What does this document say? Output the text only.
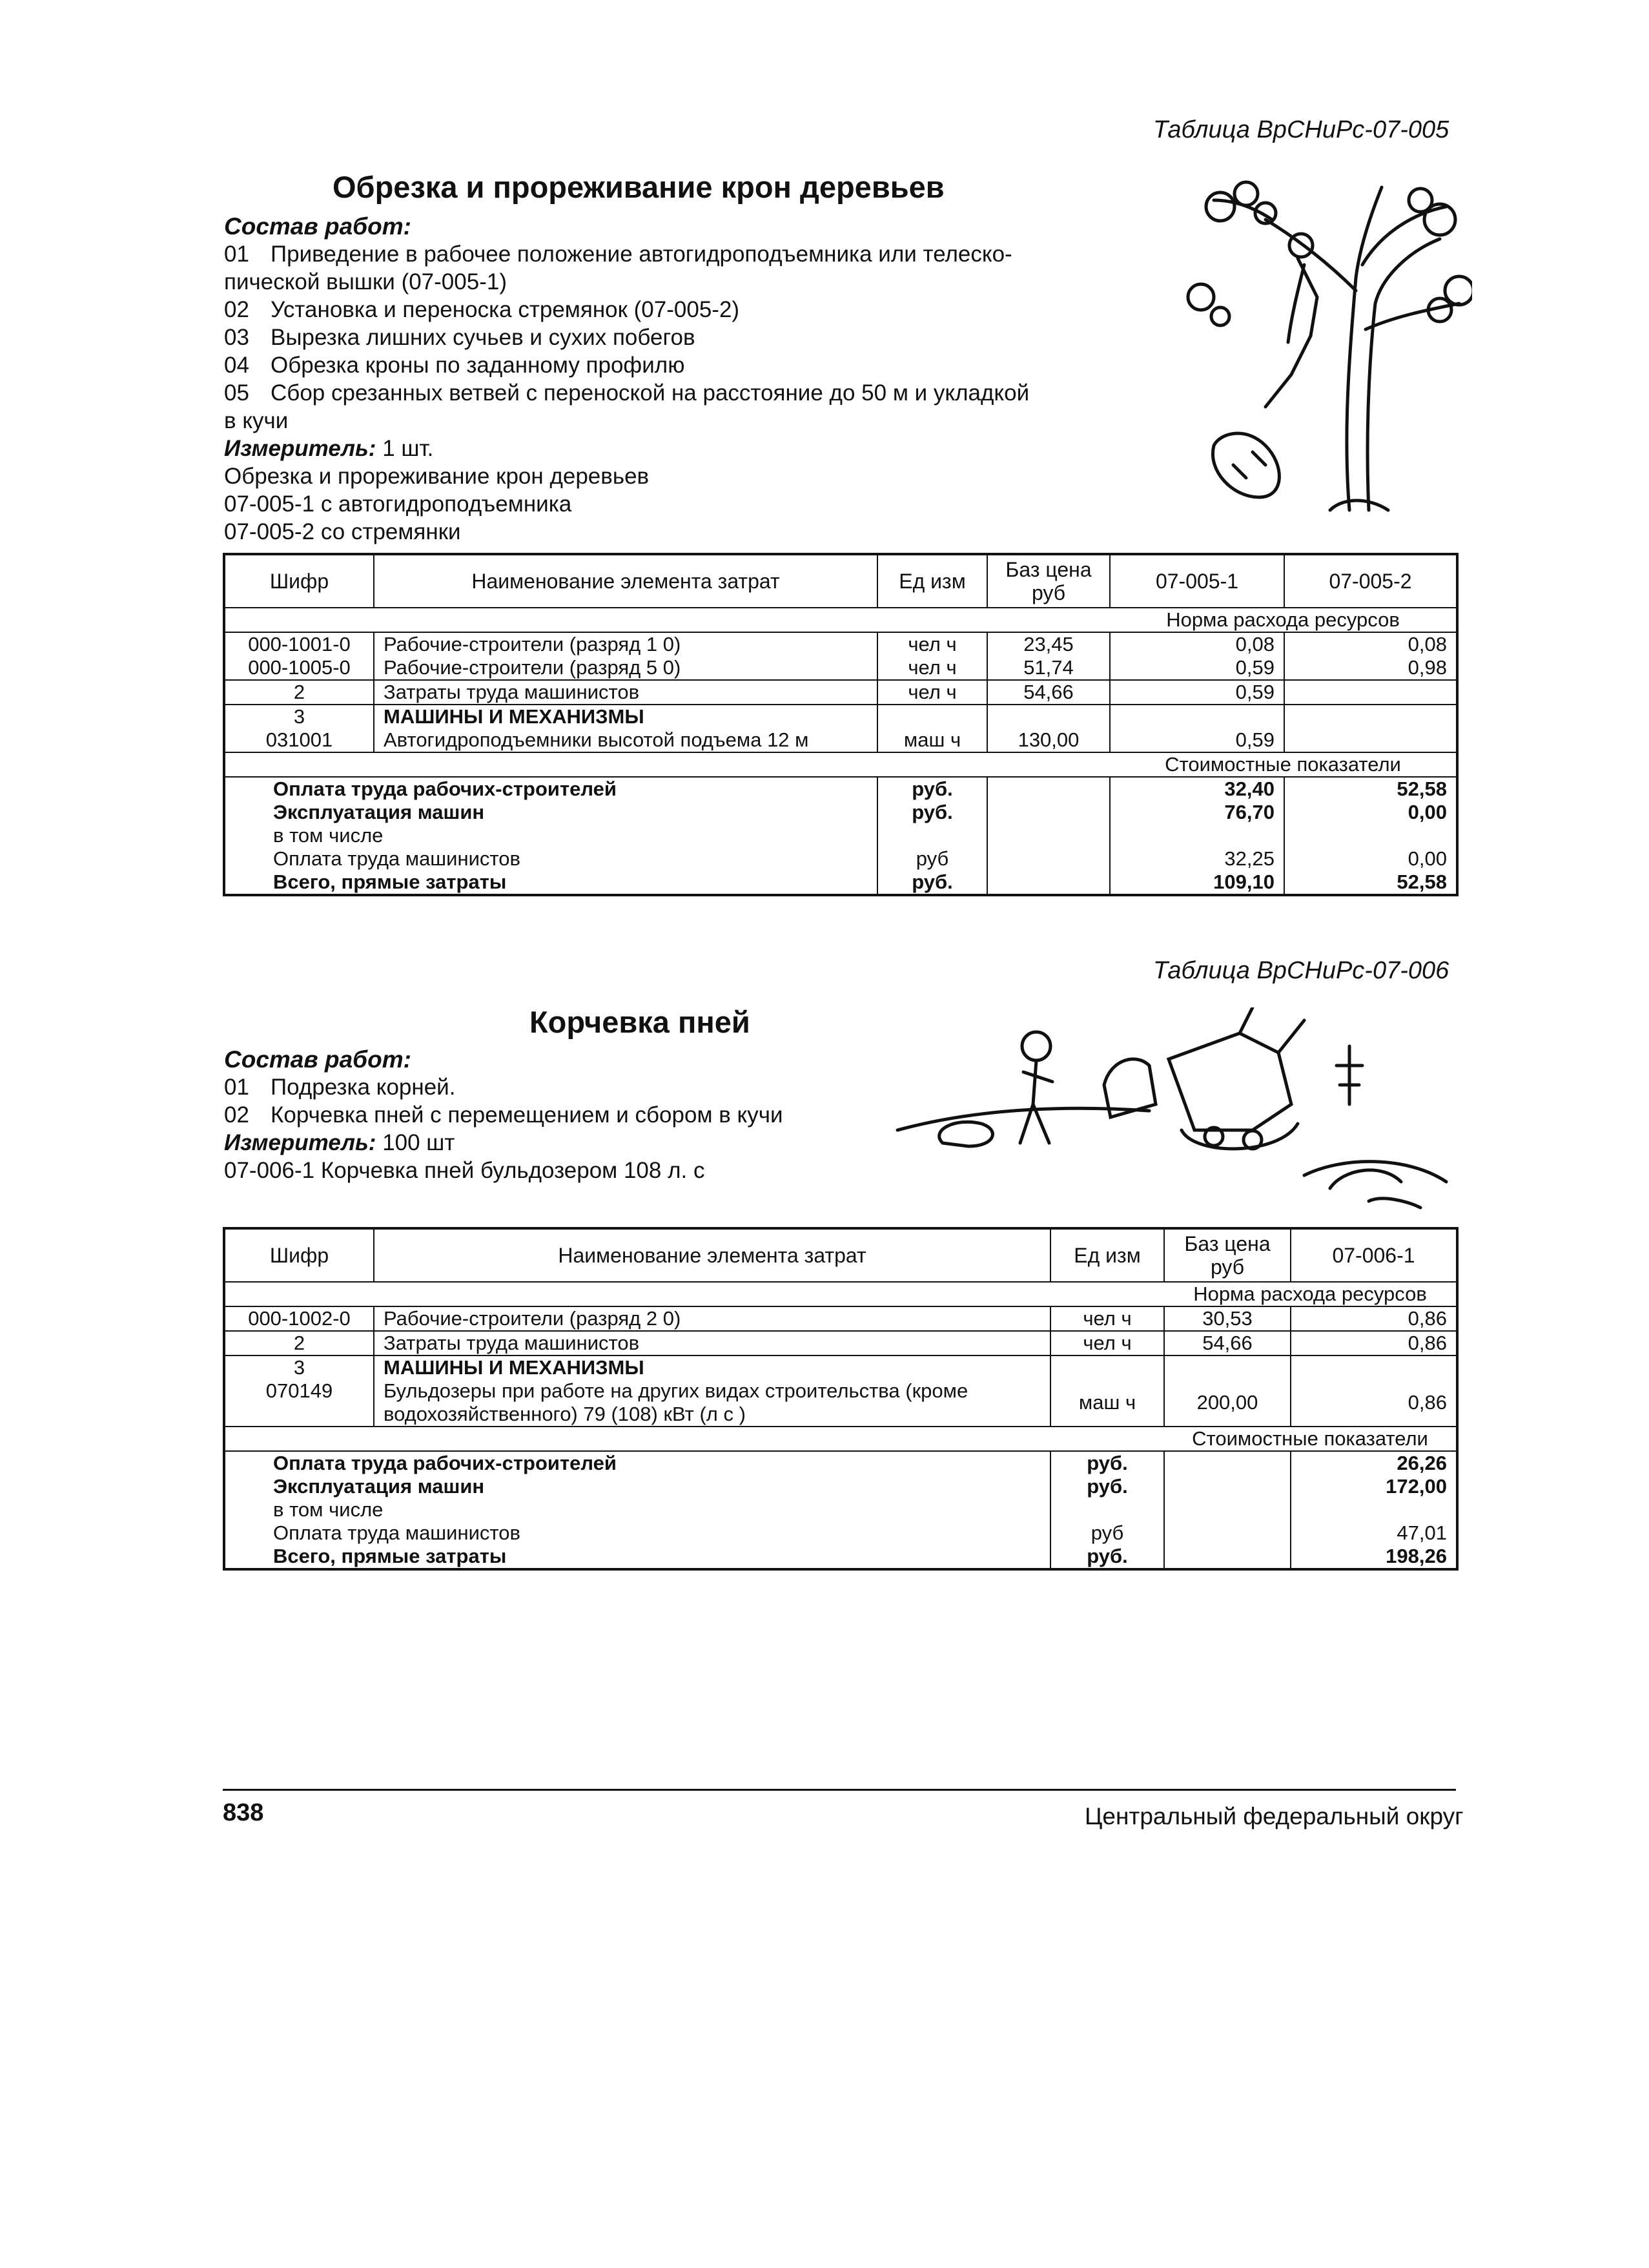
Таблица ВрСНиРс-07-005
Обрезка и прореживание крон деревьев
Состав работ:
01 Приведение в рабочее положение автогидроподъемника или телеско-
пической вышки (07-005-1)
02 Установка и переноска стремянок (07-005-2)
03 Вырезка лишних сучьев и сухих побегов
04 Обрезка кроны по заданному профилю
05 Сбор срезанных ветвей с переноской на расстояние до 50 м и укладкой
в кучи
Измеритель: 1 шт.
Обрезка и прореживание крон деревьев
07-005-1 с автогидроподъемника
07-005-2 со стремянки
Шифр	Наименование элемента затрат	Ед изм	Баз цена руб	07-005-1	07-005-2
				Норма расхода ресурсов	
000-1001-0	Рабочие-строители (разряд 1 0)	чел ч	23,45	0,08	0,08
000-1005-0	Рабочие-строители (разряд 5 0)	чел ч	51,74	0,59	0,98
2	Затраты труда машинистов	чел ч	54,66	0,59	
3	МАШИНЫ И МЕХАНИЗМЫ				
031001	Автогидроподъемники высотой подъема 12 м	маш ч	130,00	0,59	
				Стоимостные показатели	
Оплата труда рабочих-строителей		руб.		32,40	52,58
Эксплуатация машин		руб.		76,70	0,00
в том числе					
Оплата труда машинистов		руб		32,25	0,00
Всего, прямые затраты		руб.		109,10	52,58
Таблица ВрСНиРс-07-006
Корчевка пней
Состав работ:
01 Подрезка корней.
02 Корчевка пней с перемещением и сбором в кучи
Измеритель: 100 шт
07-006-1 Корчевка пней бульдозером 108 л. с
Шифр	Наименование элемента затрат	Ед изм	Баз цена руб	07-006-1
			Норма расхода ресурсов	
000-1002-0	Рабочие-строители (разряд 2 0)	чел ч	30,53	0,86
2	Затраты труда машинистов	чел ч	54,66	0,86
3	МАШИНЫ И МЕХАНИЗМЫ			
070149	Бульдозеры при работе на других видах строительства (кроме водохозяйственного) 79 (108) кВт (л с )	маш ч	200,00	0,86
			Стоимостные показатели	
Оплата труда рабочих-строителей		руб.		26,26
Эксплуатация машин		руб.		172,00
в том числе				
Оплата труда машинистов		руб		47,01
Всего, прямые затраты		руб.		198,26
838	Центральный федеральный округ
